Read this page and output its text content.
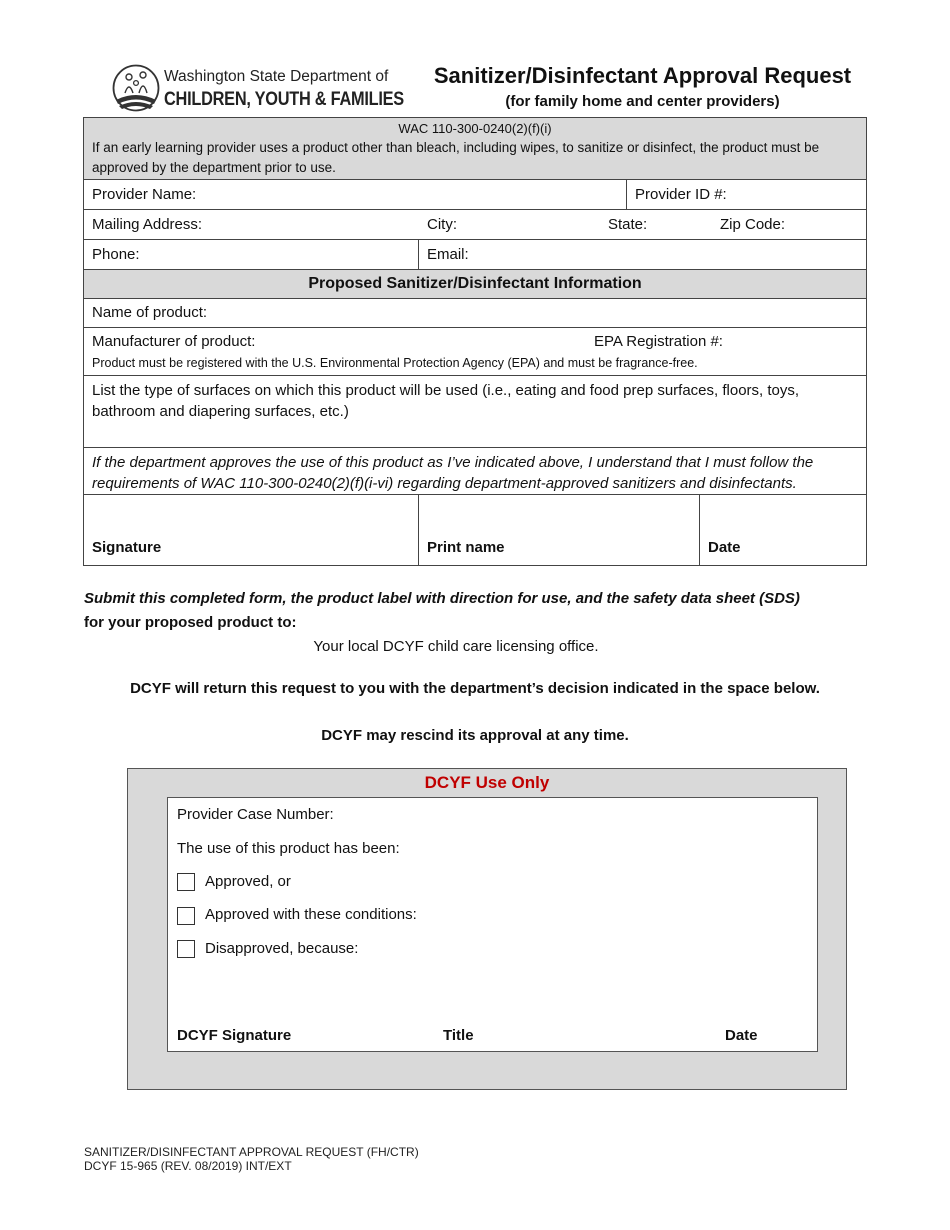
Washington State Department of
CHILDREN, YOUTH & FAMILIES
Sanitizer/Disinfectant Approval Request
(for family home and center providers)
WAC 110-300-0240(2)(f)(i)
If an early learning provider uses a product other than bleach, including wipes, to sanitize or disinfect, the product must be approved by the department prior to use.
Provider Name:	Provider ID #:
Mailing Address:	City:	State:	Zip Code:
Phone:	Email:
Proposed Sanitizer/Disinfectant Information
Name of product:
Manufacturer of product:	EPA Registration #:
Product must be registered with the U.S. Environmental Protection Agency (EPA) and must be fragrance-free.
List the type of surfaces on which this product will be used (i.e., eating and food prep surfaces, floors, toys, bathroom and diapering surfaces, etc.)
If the department approves the use of this product as I’ve indicated above, I understand that I must follow the requirements of WAC 110-300-0240(2)(f)(i-vi) regarding department-approved sanitizers and disinfectants.
Signature	Print name	Date
Submit this completed form, the product label with direction for use, and the safety data sheet (SDS)
for your proposed product to:
Your local DCYF child care licensing office.
DCYF will return this request to you with the department’s decision indicated in the space below.
DCYF may rescind its approval at any time.
DCYF Use Only
Provider Case Number:
The use of this product has been:
Approved, or
Approved with these conditions:
Disapproved, because:
DCYF Signature	Title	Date
SANITIZER/DISINFECTANT APPROVAL REQUEST (FH/CTR)
DCYF 15-965 (REV. 08/2019) INT/EXT
